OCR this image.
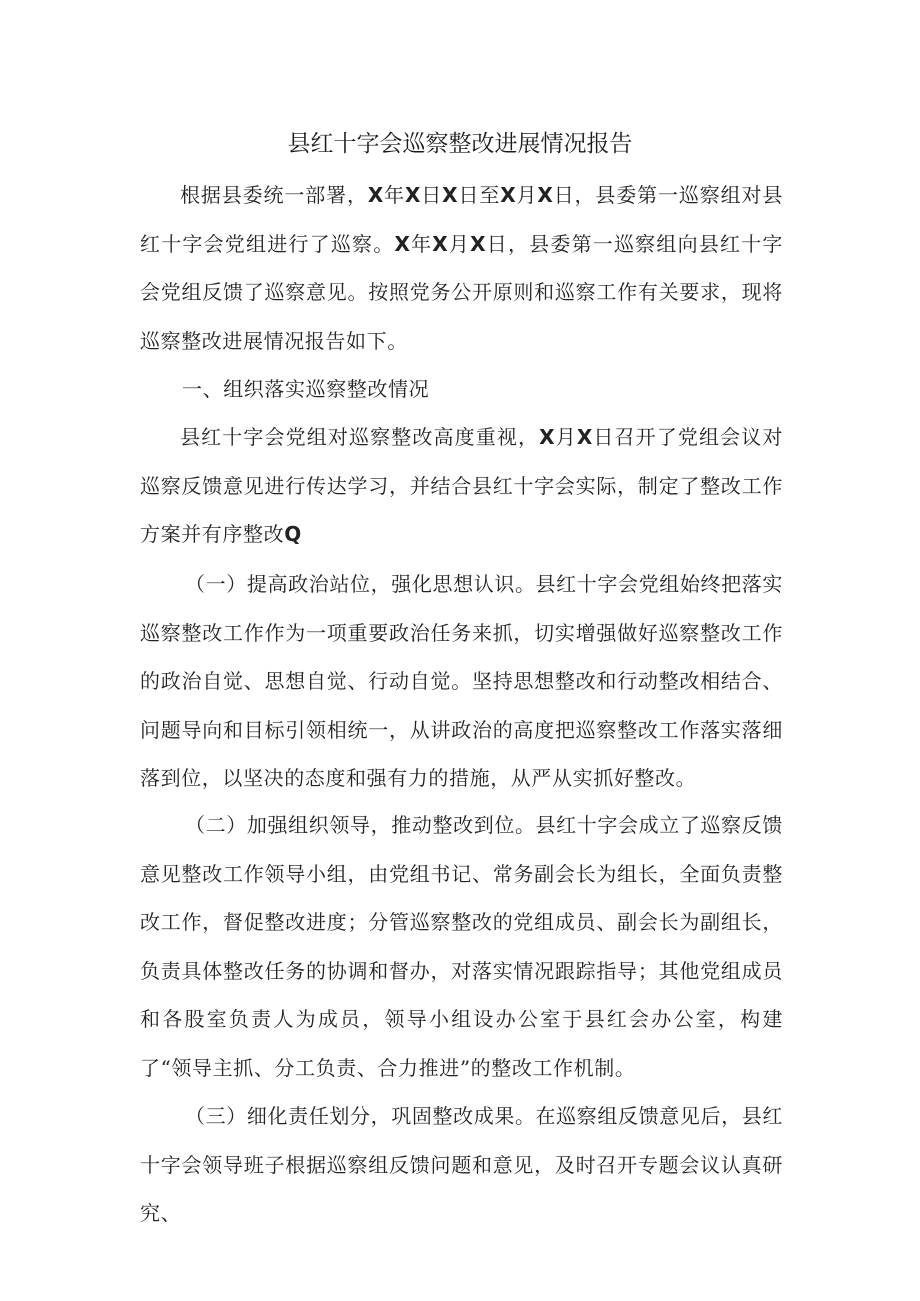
县红十字会巡察整改进展情况报告

根据县委统一部署，X年X日X日至X月X日，县委第一巡察组对县红十字会党组进行了巡察。X年X月X日，县委第一巡察组向县红十字会党组反馈了巡察意见。按照党务公开原则和巡察工作有关要求，现将巡察整改进展情况报告如下。

一、组织落实巡察整改情况

县红十字会党组对巡察整改高度重视，X月X日召开了党组会议对巡察反馈意见进行传达学习，并结合县红十字会实际，制定了整改工作方案并有序整改Q

（一）提高政治站位，强化思想认识。县红十字会党组始终把落实巡察整改工作作为一项重要政治任务来抓，切实增强做好巡察整改工作的政治自觉、思想自觉、行动自觉。坚持思想整改和行动整改相结合、问题导向和目标引领相统一，从讲政治的高度把巡察整改工作落实落细落到位，以坚决的态度和强有力的措施，从严从实抓好整改。

（二）加强组织领导，推动整改到位。县红十字会成立了巡察反馈意见整改工作领导小组，由党组书记、常务副会长为组长，全面负责整改工作，督促整改进度；分管巡察整改的党组成员、副会长为副组长，负责具体整改任务的协调和督办，对落实情况跟踪指导；其他党组成员和各股室负责人为成员，领导小组设办公室于县红会办公室，构建了“领导主抓、分工负责、合力推进”的整改工作机制。

（三）细化责任划分，巩固整改成果。在巡察组反馈意见后，县红十字会领导班子根据巡察组反馈问题和意见，及时召开专题会议认真研究、
